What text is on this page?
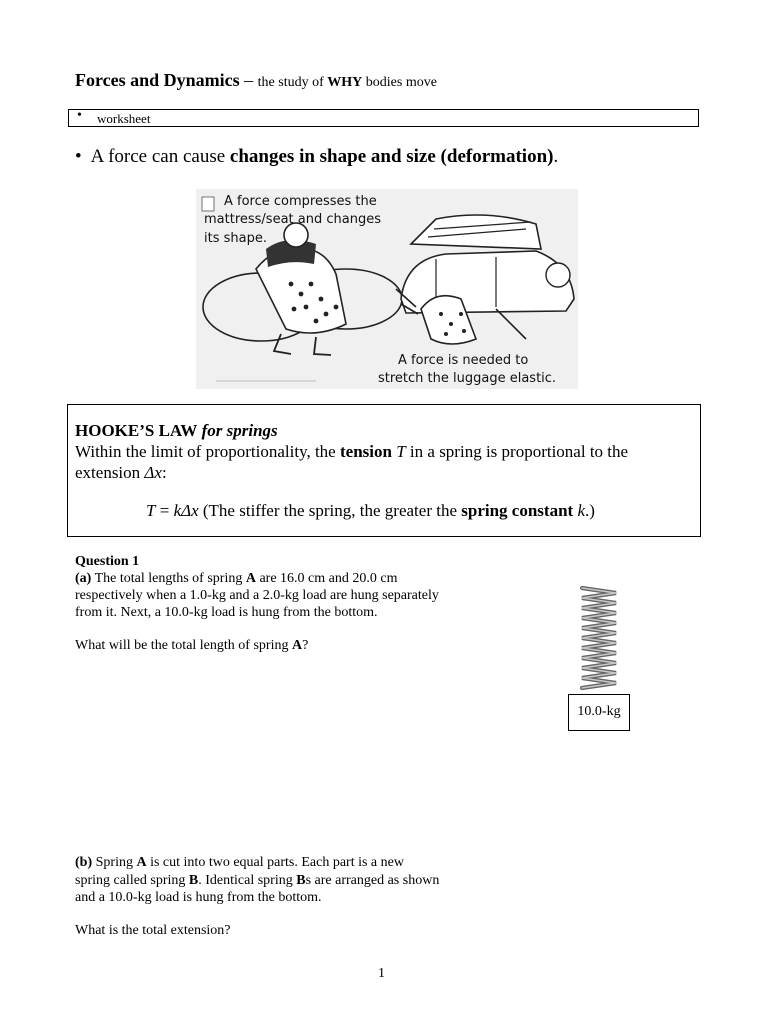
Forces and Dynamics – the study of WHY bodies move
• worksheet
• A force can cause changes in shape and size (deformation).
A force compresses the
mattress/seat and changes
its shape.
A force is needed to
stretch the luggage elastic.
HOOKE’S LAW for springs
Within the limit of proportionality, the tension T in a spring is proportional to the
extension Δx:
T = kΔx (The stiffer the spring, the greater the spring constant k.)
Question 1
(a) The total lengths of spring A are 16.0 cm and 20.0 cm
respectively when a 1.0-kg and a 2.0-kg load are hung separately
from it. Next, a 10.0-kg load is hung from the bottom.
What will be the total length of spring A?
10.0-kg
(b) Spring A is cut into two equal parts. Each part is a new
spring called spring B. Identical spring Bs are arranged as shown
and a 10.0-kg load is hung from the bottom.
What is the total extension?
1
